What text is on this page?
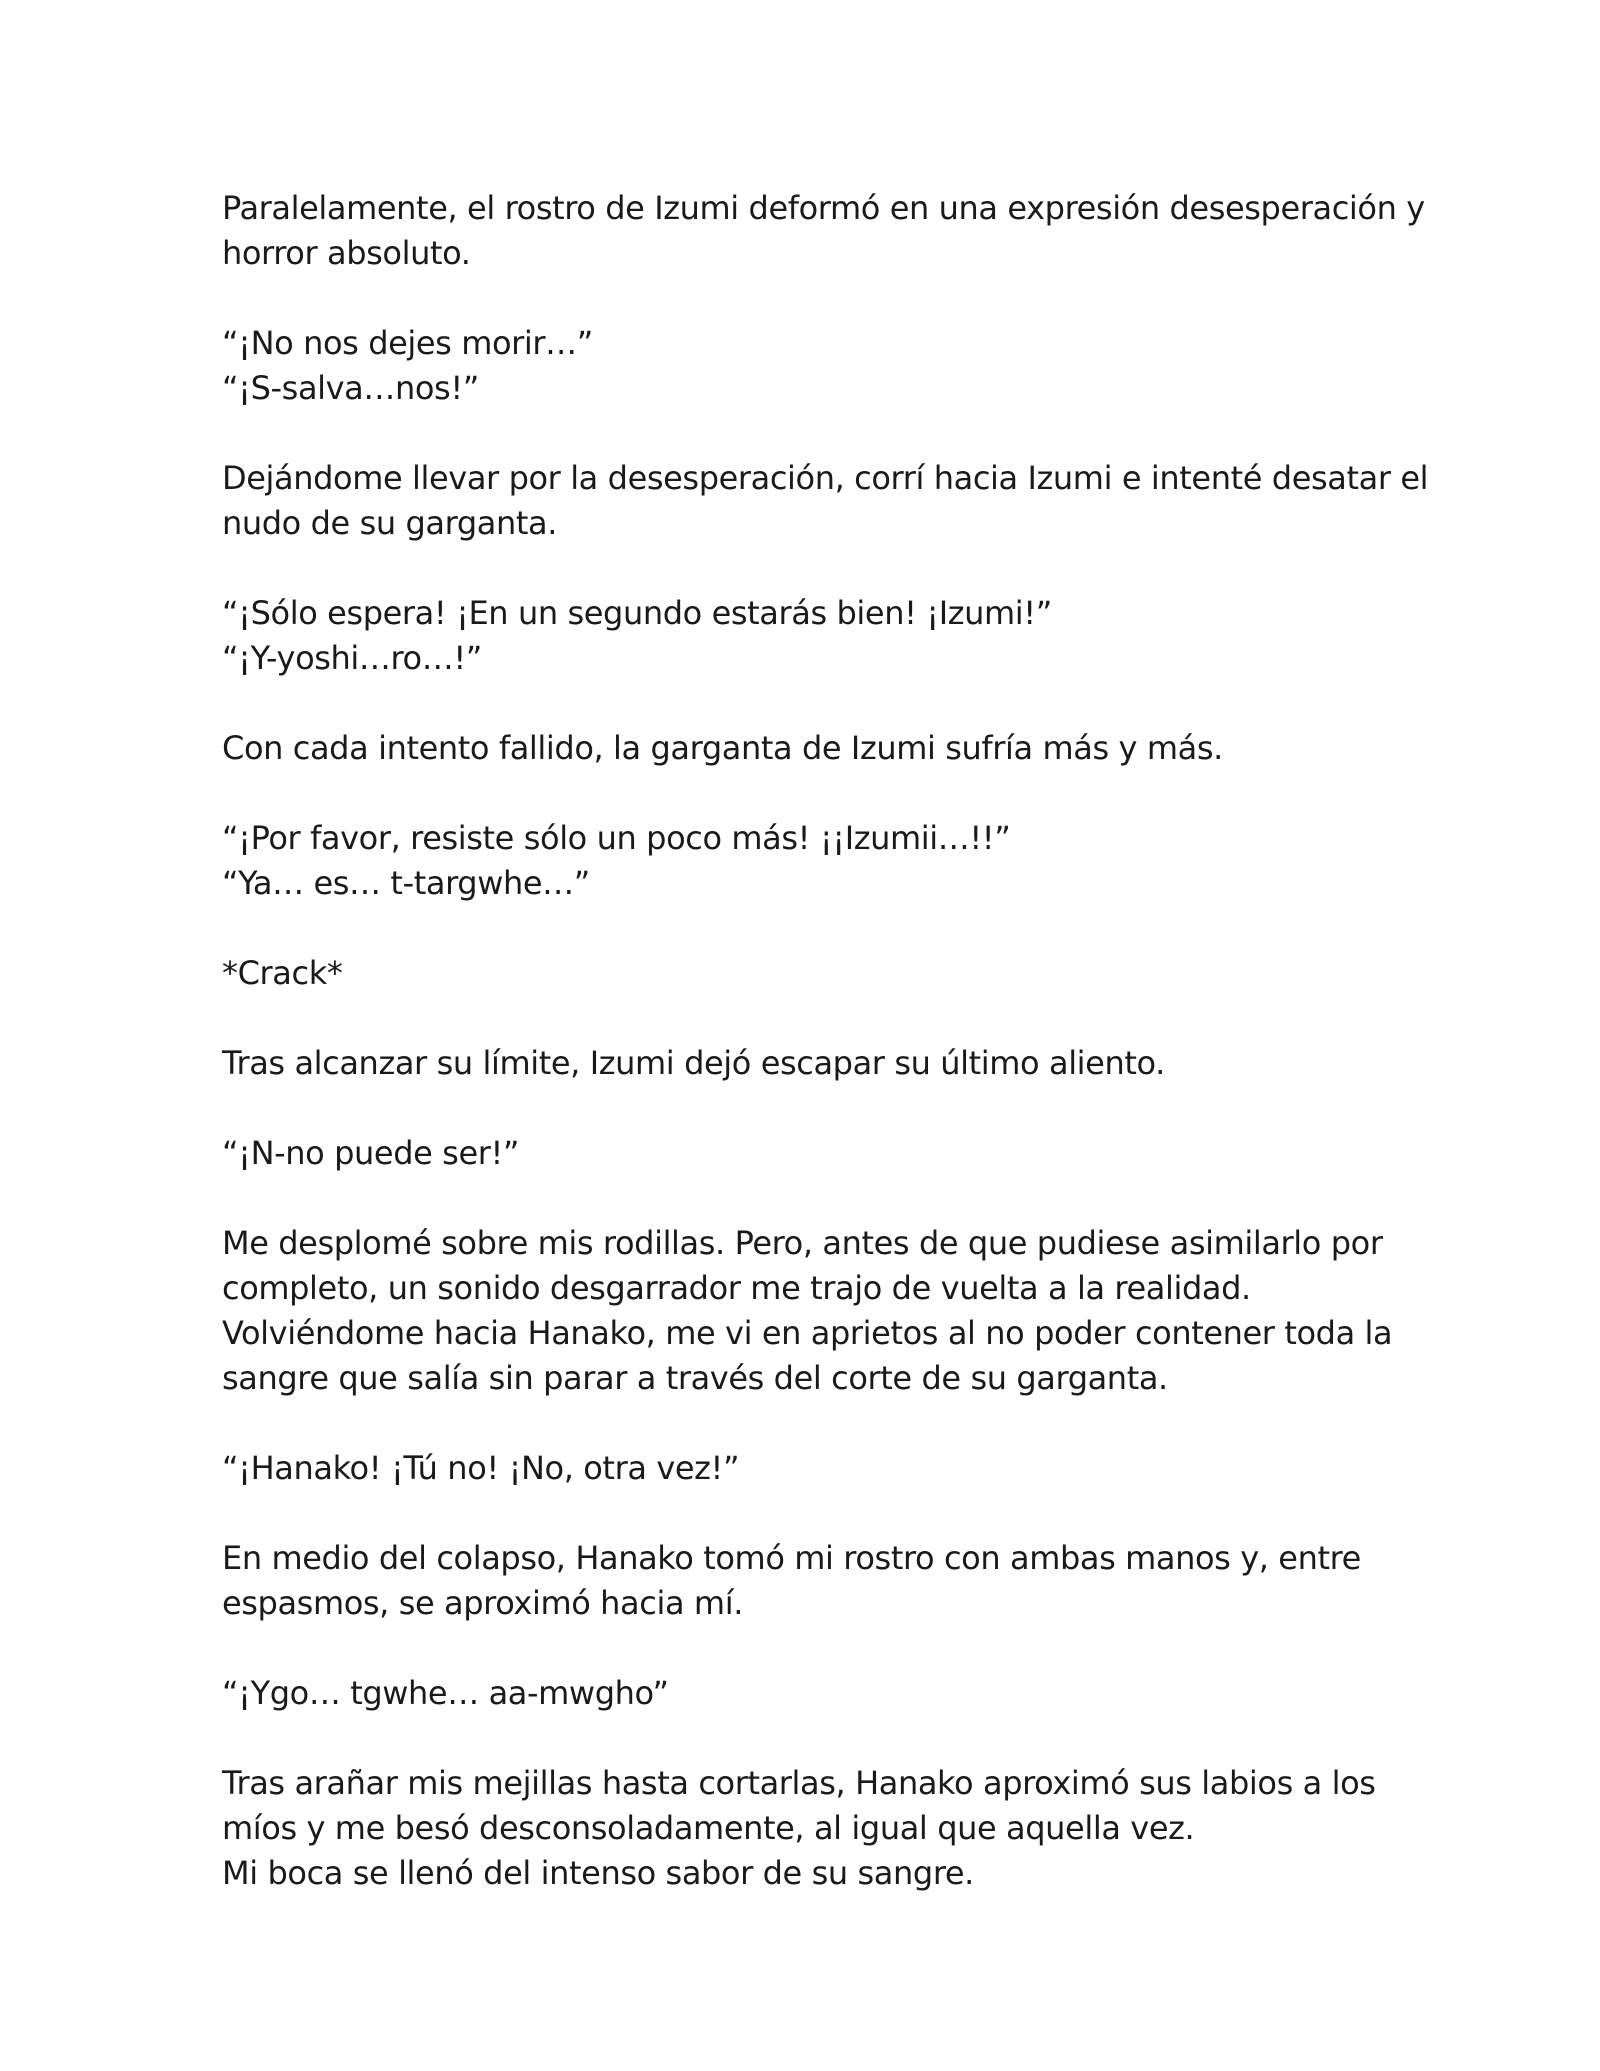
Paralelamente, el rostro de Izumi deformó en una expresión desesperación y
horror absoluto.

“¡No nos dejes morir…”
“¡S-salva…nos!”

Dejándome llevar por la desesperación, corrí hacia Izumi e intenté desatar el
nudo de su garganta.

“¡Sólo espera! ¡En un segundo estarás bien! ¡Izumi!”
“¡Y-yoshi…ro…!”

Con cada intento fallido, la garganta de Izumi sufría más y más.

“¡Por favor, resiste sólo un poco más! ¡¡Izumii…!!”
“Ya… es… t-targwhe…”

*Crack*

Tras alcanzar su límite, Izumi dejó escapar su último aliento.

“¡N-no puede ser!”

Me desplomé sobre mis rodillas. Pero, antes de que pudiese asimilarlo por
completo, un sonido desgarrador me trajo de vuelta a la realidad.
Volviéndome hacia Hanako, me vi en aprietos al no poder contener toda la
sangre que salía sin parar a través del corte de su garganta.

“¡Hanako! ¡Tú no! ¡No, otra vez!”

En medio del colapso, Hanako tomó mi rostro con ambas manos y, entre
espasmos, se aproximó hacia mí.

“¡Ygo… tgwhe… aa-mwgho”

Tras arañar mis mejillas hasta cortarlas, Hanako aproximó sus labios a los
míos y me besó desconsoladamente, al igual que aquella vez.
Mi boca se llenó del intenso sabor de su sangre.
